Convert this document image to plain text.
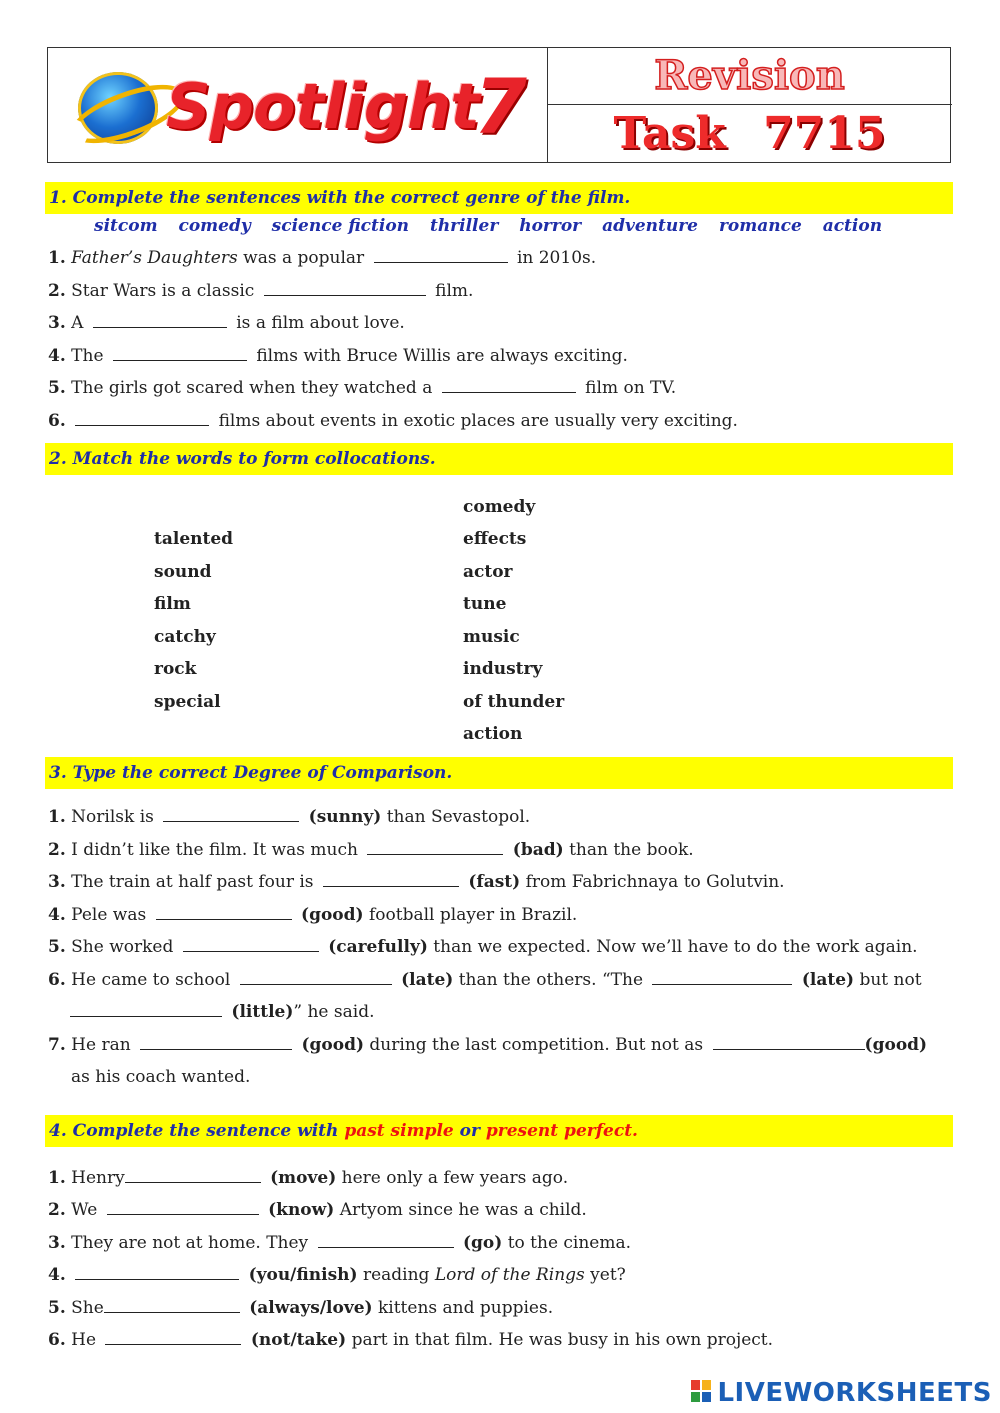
Spotlight
7	Revision
Task 7715
1. Complete the sentences with the correct genre of the film.
sitcom comedy science fiction thriller horror adventure romance action
1. Father’s Daughters was a popular	in 2010s.
2. Star Wars is a classic	film.
3. A	is a film about love.
4. The	films with Bruce Willis are always exciting.
5. The girls got scared when they watched a	film on TV.
6.	films about events in exotic places are usually very exciting.
2. Match the words to form collocations.
talented
sound
film
catchy
rock
special
comedy
effects
actor
tune
music
industry
of thunder
action
3. Type the correct Degree of Comparison.
1. Norilsk is	(sunny) than Sevastopol.
2. I didn’t like the film. It was much	(bad) than the book.
3. The train at half past four is	(fast) from Fabrichnaya to Golutvin.
4. Pele was	(good) football player in Brazil.
5. She worked	(carefully) than we expected. Now we’ll have to do the work again.
6. He came to school	(late) than the others. “The	(late) but not
(little)” he said.
7. He ran	(good) during the last competition. But not as	(good)
as his coach wanted.
4. Complete the sentence with past simple or present perfect.
1. Henry	(move) here only a few years ago.
2. We	(know) Artyom since he was a child.
3. They are not at home. They	(go) to the cinema.
4.	(you/finish) reading Lord of the Rings yet?
5. She	(always/love) kittens and puppies.
6. He	(not/take) part in that film. He was busy in his own project.
LIVEWORKSHEETS
